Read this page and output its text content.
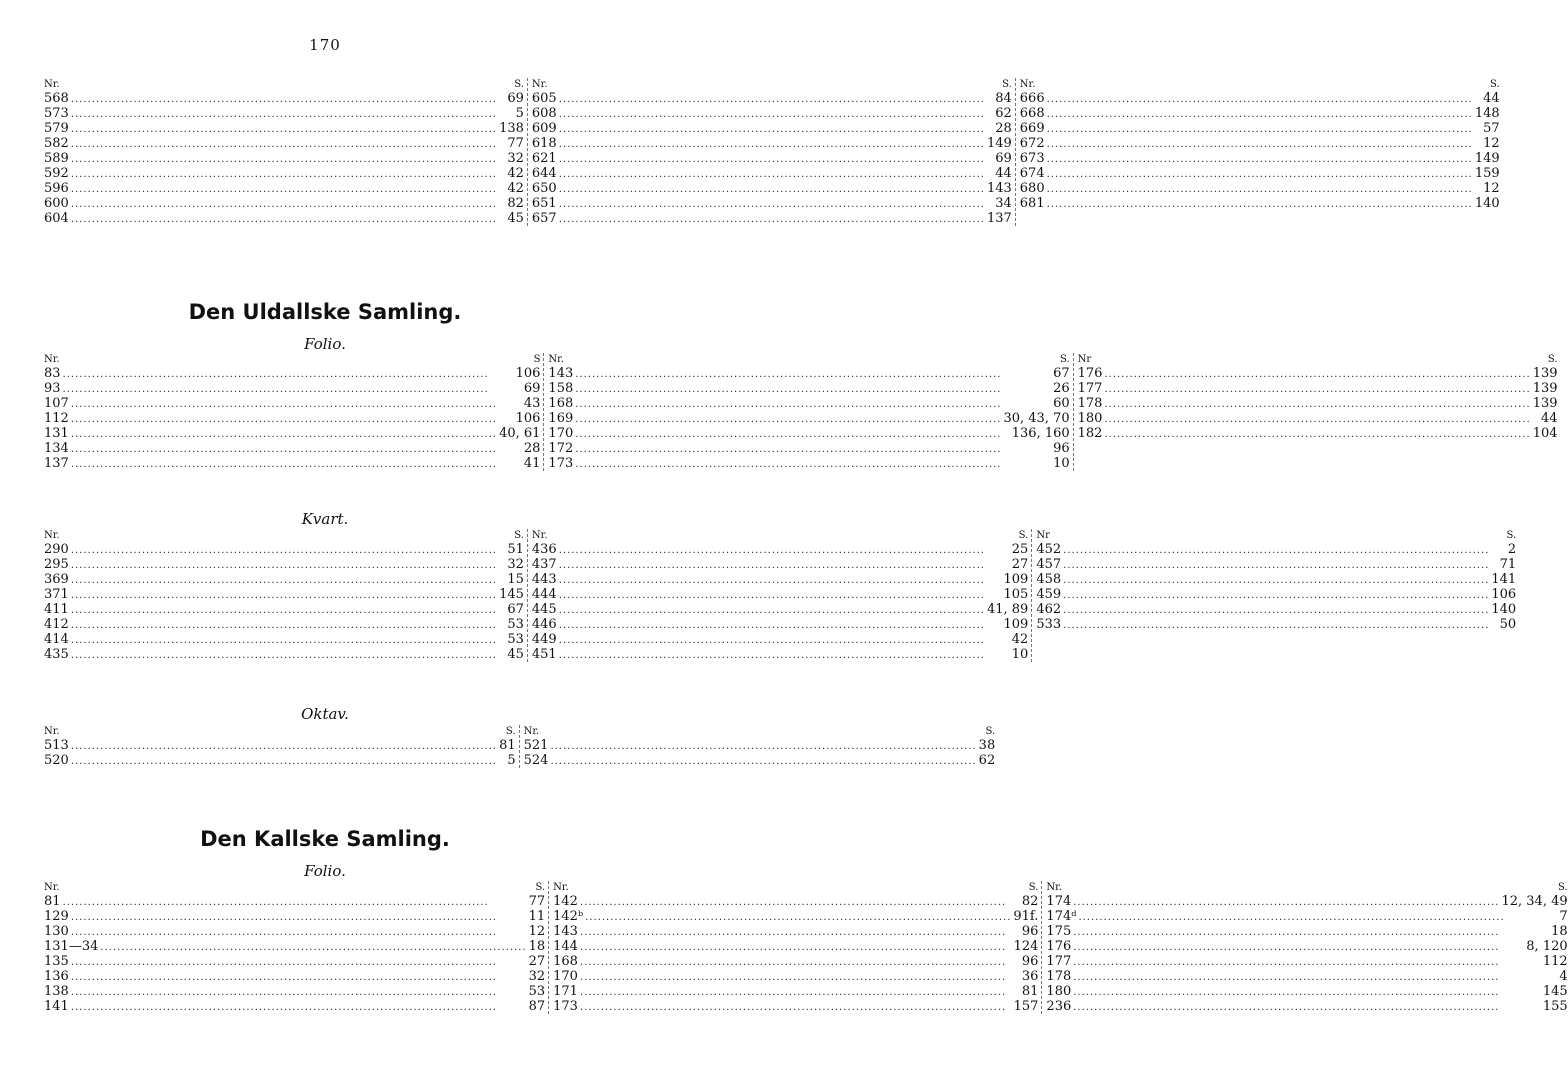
170
Nr.	S.
568 .....	69
573 .....	5
579 .....	138
582 .....	77
589 .....	32
592 .....	42
596 .....	42
600 .....	82
604 .....	45
Nr.	S.
605 .....	84
608 .....	62
609 .....	28
618 .....	149
621 .....	69
644 .....	44
650 .....	143
651 .....	34
657 .....	137
Nr.	S.
666 .....	44
668 .....	148
669 .....	57
672 .....	12
673 .....	149
674 .....	159
680 .....	12
681 .....	140
Den Uldallske Samling.
Folio.
Nr.	S
83 .....	106
93 .....	69
107 .....	43
112 .....	106
131 .....	40, 61
134 .....	28
137 .....	41
Nr.	S.
143 .....	67
158 .....	26
168 .....	60
169 .....	30, 43, 70
170 .....	136, 160
172 .....	96
173 .....	10
Nr	S.
176 .....	139
177 .....	139
178 .....	139
180 .....	44
182 .....	104
Kvart.
Nr.	S.
290 .....	51
295 .....	32
369 .....	15
371 .....	145
411 .....	67
412 .....	53
414 .....	53
435 .....	45
Nr.	S.
436 .....	25
437 .....	27
443 .....	109
444 .....	105
445 .....	41, 89
446 .....	109
449 .....	42
451 .....	10
Nr	S.
452 .....	2
457 .....	71
458 .....	141
459 .....	106
462 .....	140
533 .....	50
Oktav.
Nr.	S.
513 .....	81
520 .....	5
Nr.	S.
521 .....	38
524 .....	62
Den Kallske Samling.
Folio.
Nr.	S.
81 .....	77
129 .....	11
130 .....	12
131—34 .....	18
135 .....	27
136 .....	32
138 .....	53
141 .....	87
Nr.	S.
142 .....	82
142ᵇ .....	91f.
143 .....	96
144 .....	124
168 .....	96
170 .....	36
171 .....	81
173 .....	157
Nr.	S.
174 .....	12, 34, 49
174ᵈ .....	7
175 .....	18
176 .....	8, 120
177 .....	112
178 .....	4
180 .....	145
236 .....	155
